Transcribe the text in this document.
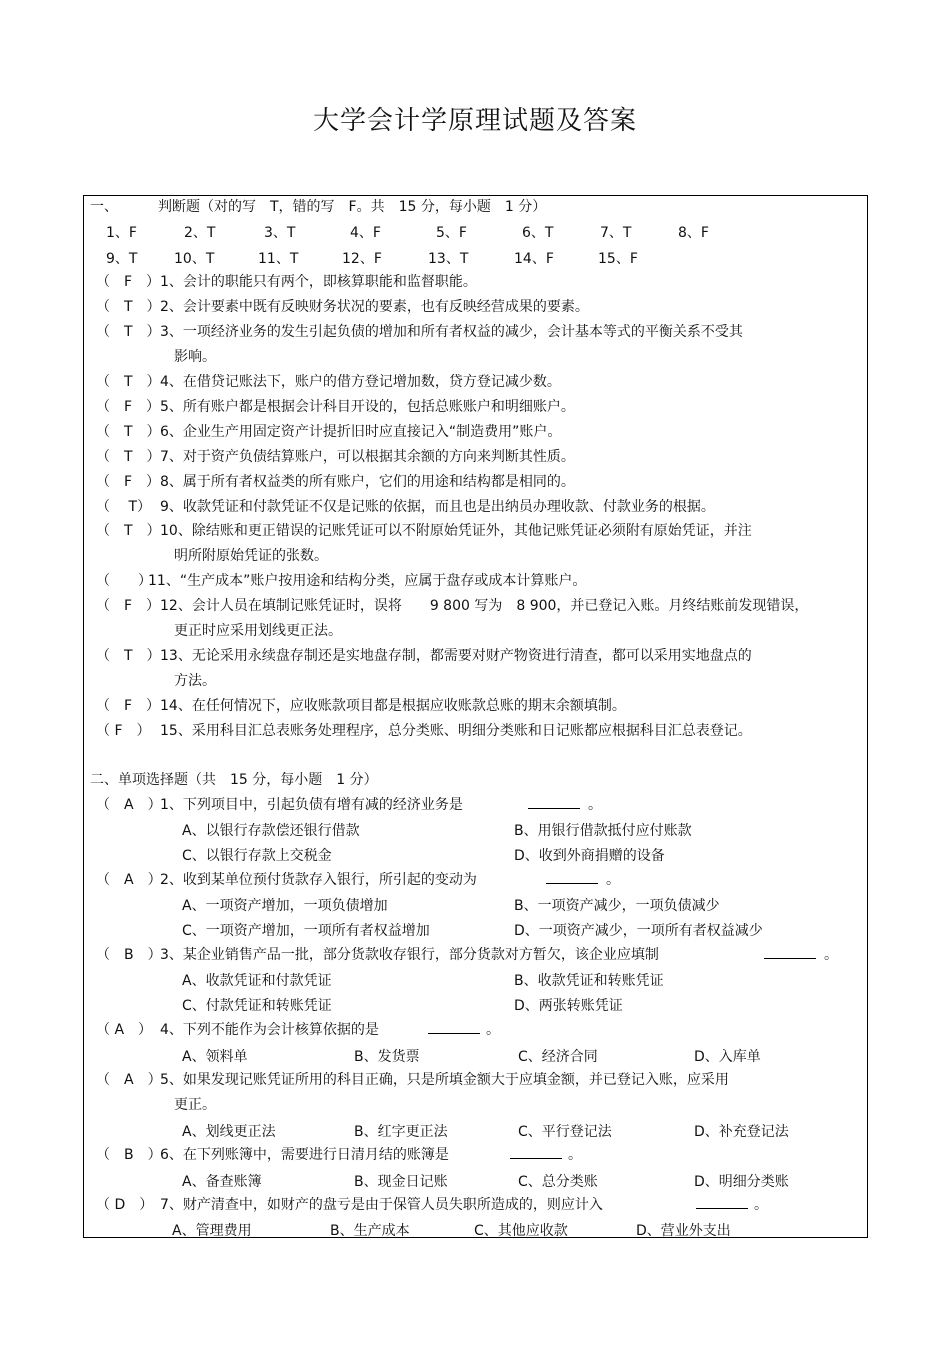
大学会计学原理试题及答案
一、	判断题（对的写　T，错的写　F。共　15 分，每小题　1 分）
1、F	2、T	3、T	4、F	5、F	6、T	7、T	8、F
9、T	10、T	11、T	12、F	13、T	14、F	15、F
（　F　） 1、会计的职能只有两个，即核算职能和监督职能。
（　T　） 2、会计要素中既有反映财务状况的要素，也有反映经营成果的要素。
（　T　） 3、一项经济业务的发生引起负债的增加和所有者权益的减少，会计基本等式的平衡关系不受其
影响。
（　T　） 4、在借贷记账法下，账户的借方登记增加数，贷方登记减少数。
（　F　） 5、所有账户都是根据会计科目开设的，包括总账账户和明细账户。
（　T　） 6、企业生产用固定资产计提折旧时应直接记入“制造费用”账户。
（　T　） 7、对于资产负债结算账户，可以根据其余额的方向来判断其性质。
（　F　） 8、属于所有者权益类的所有账户，它们的用途和结构都是相同的。
（　 T） 9、收款凭证和付款凭证不仅是记账的依据，而且也是出纳员办理收款、付款业务的根据。
（　T　） 10、除结账和更正错误的记账凭证可以不附原始凭证外，其他记账凭证必须附有原始凭证，并注
明所附原始凭证的张数。
（　　）
11、“生产成本”账户按用途和结构分类，应属于盘存或成本计算账户。
（　F　） 12、会计人员在填制记账凭证时，误将　　9 800 写为　8 900，并已登记入账。月终结账前发现错误，
更正时应采用划线更正法。
（　T　） 13、无论采用永续盘存制还是实地盘存制，都需要对财产物资进行清查，都可以采用实地盘点的
方法。
（　F　） 14、在任何情况下，应收账款项目都是根据应收账款总账的期末余额填制。
（ F　） 15、采用科目汇总表账务处理程序，总分类账、明细分类账和日记账都应根据科目汇总表登记。
二、单项选择题（共　15 分，每小题　1 分）
（　A　）
1、下列项目中，引起负债有增有减的经济业务是	。
A、以银行存款偿还银行借款	B、用银行借款抵付应付账款
C、以银行存款上交税金	D、收到外商捐赠的设备
（　A　）
2、收到某单位预付货款存入银行，所引起的变动为	。
A、一项资产增加，一项负债增加	B、一项资产减少，一项负债减少
C、一项资产增加，一项所有者权益增加	D、一项资产减少，一项所有者权益减少
（　B　）
3、某企业销售产品一批，部分货款收存银行，部分货款对方暂欠，该企业应填制	。
A、收款凭证和付款凭证	B、收款凭证和转账凭证
C、付款凭证和转账凭证	D、两张转账凭证
（ A　） 4、下列不能作为会计核算依据的是	。
A、领料单	B、发货票	C、经济合同	D、入库单
（　A　）
5、如果发现记账凭证所用的科目正确，只是所填金额大于应填金额，并已登记入账，应采用
更正。
A、划线更正法	B、红字更正法	C、平行登记法	D、补充登记法
（　B　）
6、在下列账簿中，需要进行日清月结的账簿是	。
A、备查账簿	B、现金日记账	C、总分类账	D、明细分类账
（ D　） 7、财产清查中，如财产的盘亏是由于保管人员失职所造成的，则应计入	。
A、管理费用	B、生产成本	C、其他应收款	D、营业外支出
